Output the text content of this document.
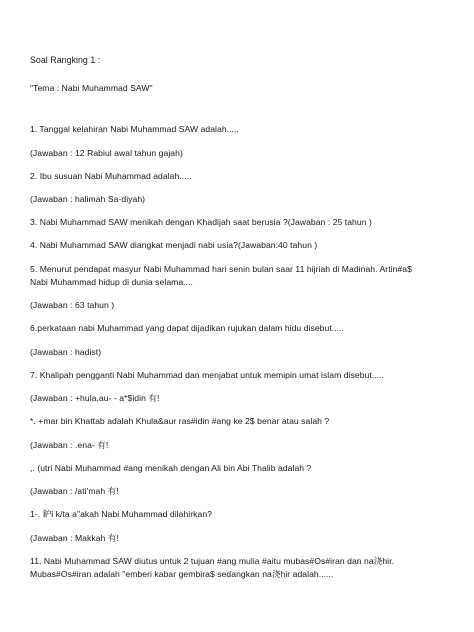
Soal Rangking 1 :
"Tema : Nabi Muhammad SAW"
1. Tanggal kelahiran Nabi Muhammad SAW adalah.....
(Jawaban : 12 Rabiul awal tahun gajah)
2. Ibu susuan Nabi Muhammad adalah.....
(Jawaban : halimah Sa-diyah)
3. Nabi Muhammad SAW menikah dengan Khadijah saat berusia ?(Jawaban : 25 tahun )
4. Nabi Muhammad SAW diangkat menjadi nabi usia?(Jawaban:40 tahun )
5. Menurut pendapat masyur Nabi Muhammad hari senin bulan saar 11 hijriah di Madinah. Artin#a$
Nabi Muhammad hidup di dunia selama....
(Jawaban : 63 tahun )
6.perkataan nabi Muhammad yang dapat dijadikan rujukan dalam hidu disebut.....
(Jawaban : hadist)
7. Khalipah pengganti Nabi Muhammad dan menjabat untuk memipin umat islam disebut.....
(Jawaban : +hula,au- - a*$idin 有!
*. +mar bin Khattab adalah Khula&aur ras#idin #ang ke 2$ benar atau salah ?
(Jawaban : .ena- 有!
,. (utri Nabi Muhammad #ang menikah dengan Ali bin Abi Thalib adalah ?
(Jawaban : /ati'mah 有!
1-. 鈩i k/ta a"akah Nabi Muhammad dilahirkan?
(Jawaban : Makkah 有!
11. Nabi Muhammad SAW diutus untuk 2 tujuan #ang mulia #aitu mubas#Os#iran dan na浇hir.
Mubas#Os#iran adalah "emberi kabar gembira$ sedangkan na浇hir adalah......
